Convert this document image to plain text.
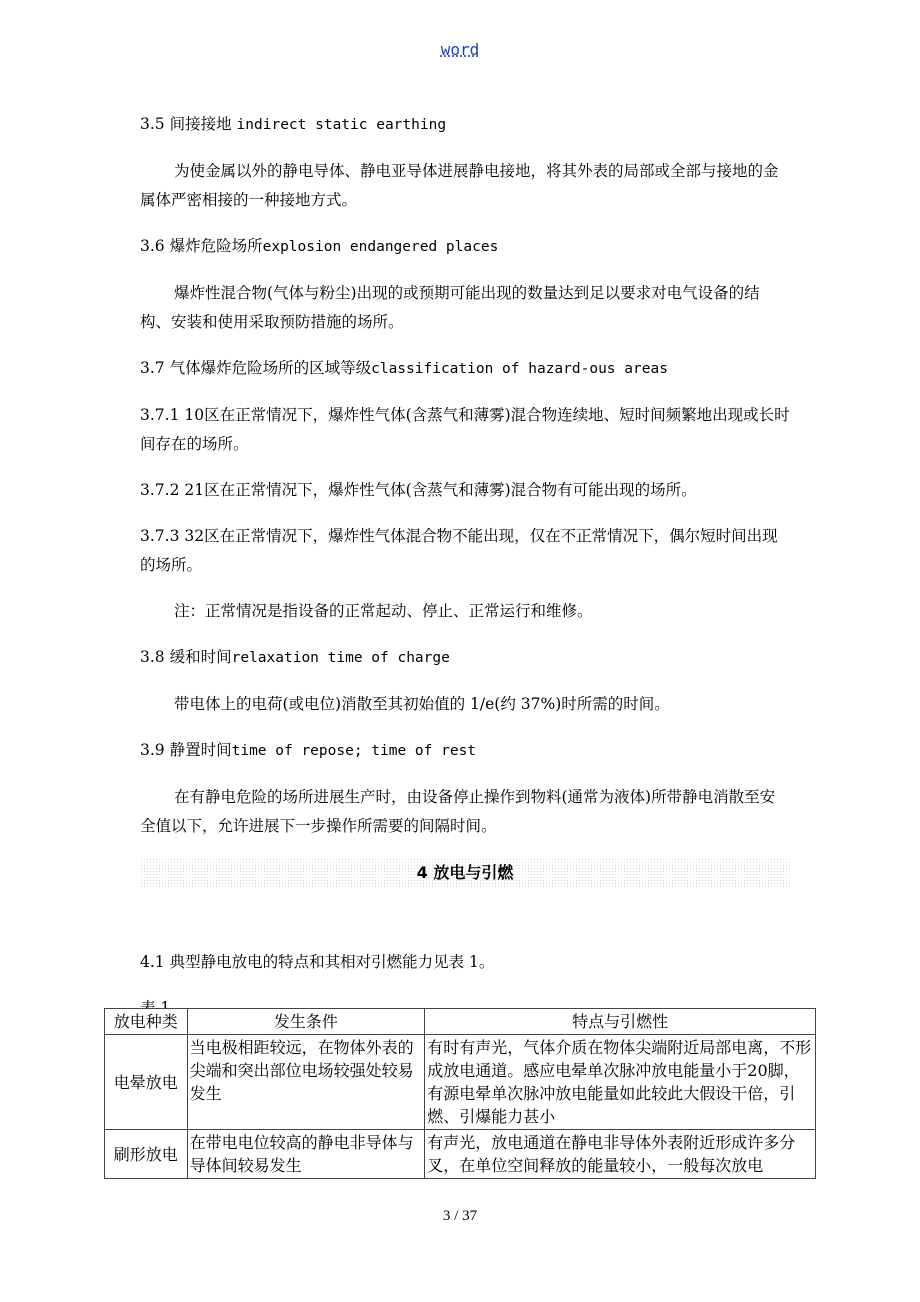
word
3.5 间接接地 indirect static earthing

为使金属以外的静电导体、静电亚导体进展静电接地，将其外表的局部或全部与接地的金属体严密相接的一种接地方式。

3.6 爆炸危险场所explosion endangered places

爆炸性混合物(气体与粉尘)出现的或预期可能出现的数量达到足以要求对电气设备的结构、安装和使用采取预防措施的场所。

3.7 气体爆炸危险场所的区域等级classification of hazard-ous areas

3.7.1 10区在正常情况下，爆炸性气体(含蒸气和薄雾)混合物连续地、短时间频繁地出现或长时间存在的场所。

3.7.2 21区在正常情况下，爆炸性气体(含蒸气和薄雾)混合物有可能出现的场所。

3.7.3 32区在正常情况下，爆炸性气体混合物不能出现，仅在不正常情况下，偶尔短时间出现的场所。

注：正常情况是指设备的正常起动、停止、正常运行和维修。

3.8 缓和时间relaxation time of charge

带电体上的电荷(或电位)消散至其初始值的 1/e(约 37%)时所需的时间。

3.9 静置时间time of repose; time of rest

在有静电危险的场所进展生产时，由设备停止操作到物料(通常为液体)所带静电消散至安全值以下，允许进展下一步操作所需要的间隔时间。

4 放电与引燃

4.1 典型静电放电的特点和其相对引燃能力见表 1。

放电种类	发生条件	特点与引燃性
电晕放电	当电极相距较远，在物体外表的尖端和突出部位电场较强处较易发生	有时有声光，气体介质在物体尖端附近局部电离，不形成放电通道。感应电晕单次脉冲放电能量小于20脚，有源电晕单次脉冲放电能量如此较此大假设干倍，引燃、引爆能力甚小
刷形放电	在带电电位较高的静电非导体与导体间较易发生	有声光，放电通道在静电非导体外表附近形成许多分叉，在单位空间释放的能量较小，一般每次放电
3 / 37
